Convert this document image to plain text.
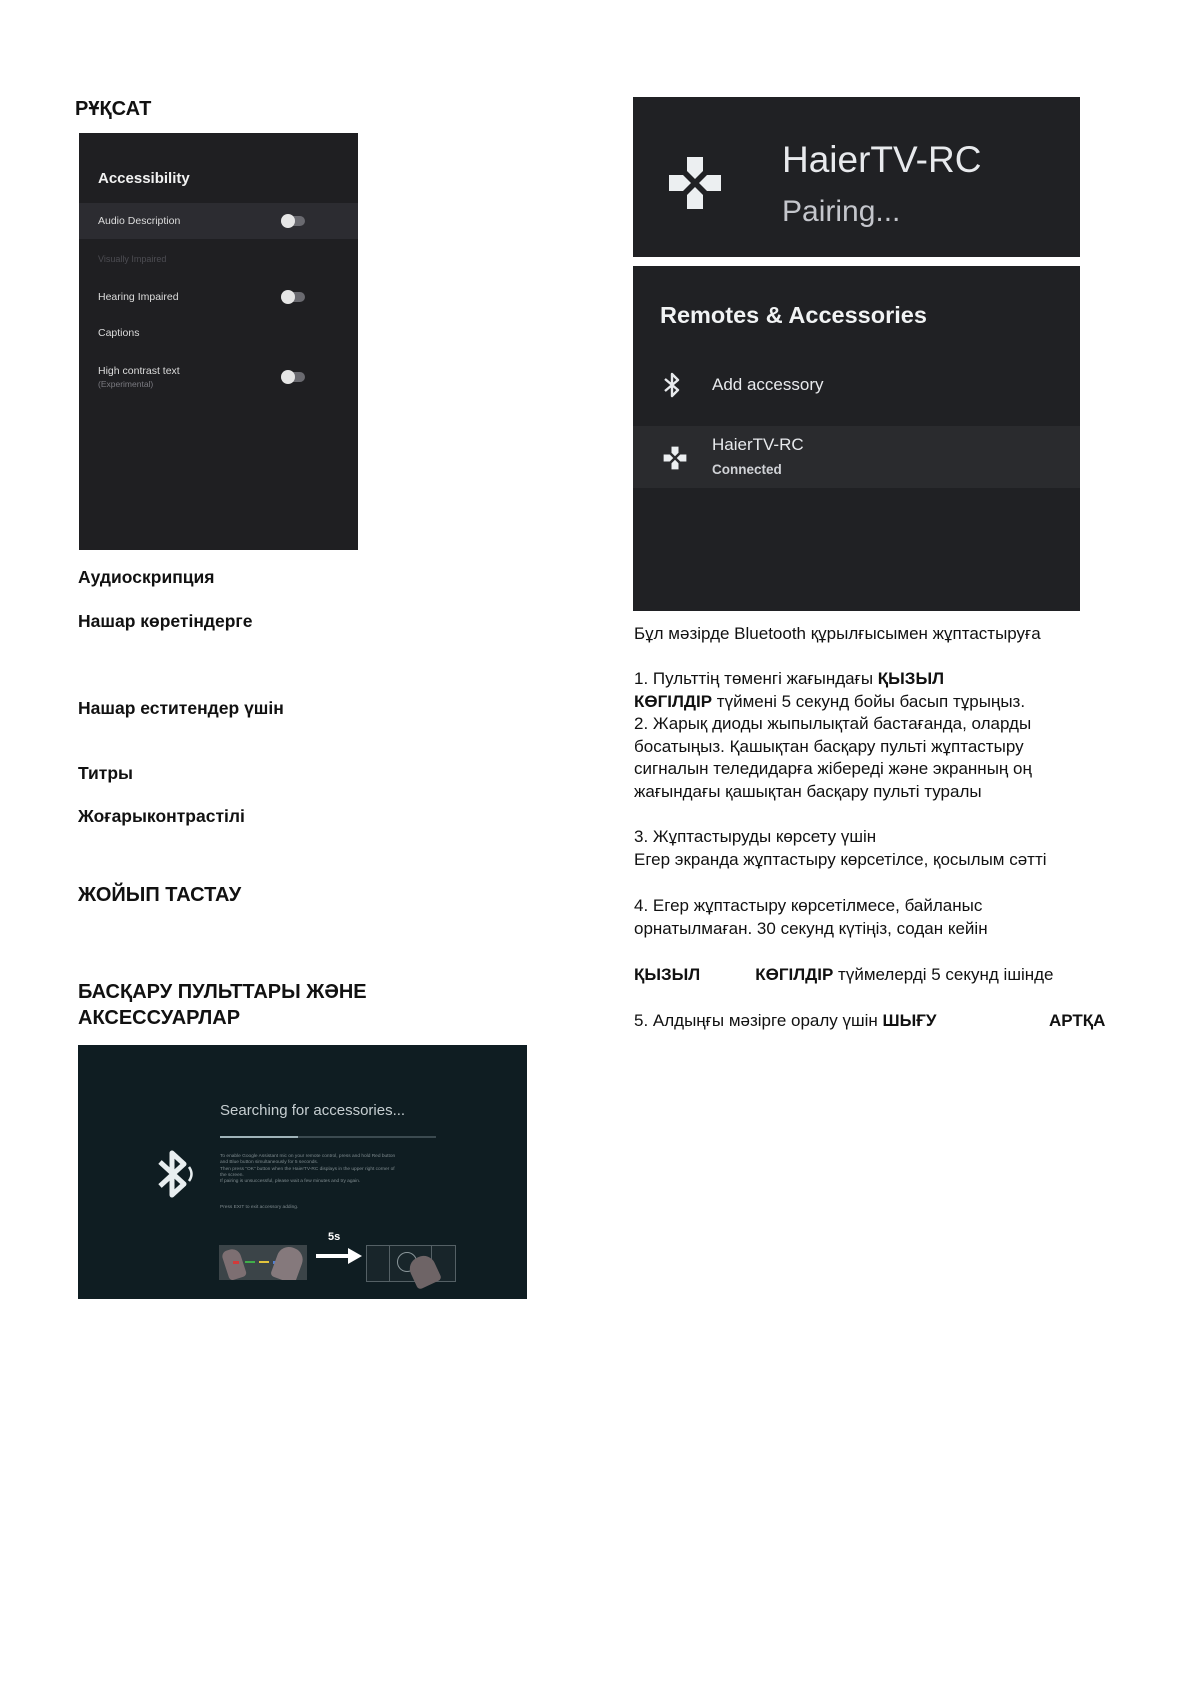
РҰҚСАТ
Accessibility
Audio Description
Visually Impaired
Hearing Impaired
Captions
High contrast text
(Experimental)
Аудиоскрипция
Нашар көретіндерге
Нашар еститендер үшін
Титры
Жоғарыконтрастілі
ЖОЙЫП ТАСТАУ
БАСҚАРУ ПУЛЬТТАРЫ ЖӘНЕ
АКСЕССУАРЛАР
Searching for accessories...
To enable Google Assistant mic on your remote control, press and hold Red button
and Blue button simultaneously for 5 seconds.
Then press "OK" button when the HaierTV-RC displays in the upper right corner of
the screen.
If pairing is unsuccessful, please wait a few minutes and try again.
Press EXIT to exit accessory adding.
5s
HaierTV-RC
Pairing...
Remotes & Accessories
Add accessory
HaierTV-RC
Connected
Бұл мәзірде Bluetooth құрылғысымен жұптастыруға
1. Пульттің төменгі жағындағы ҚЫЗЫЛ
КӨГІЛДІР түймені 5 секунд бойы басып тұрыңыз.
2. Жарық диоды жыпылықтай бастағанда, оларды
босатыңыз. Қашықтан басқару пульті жұптастыру
сигналын теледидарға жібереді және экранның оң
жағындағы қашықтан басқару пульті туралы
3. Жұптастыруды көрсету үшін
Егер экранда жұптастыру көрсетілсе, қосылым сәтті
4. Егер жұптастыру көрсетілмесе, байланыс
орнатылмаған. 30 секунд күтіңіз, содан кейін
ҚЫЗЫЛ	КӨГІЛДІР түймелерді 5 секунд ішінде
5. Алдыңғы мәзірге оралу үшін ШЫҒУ	АРТҚА
